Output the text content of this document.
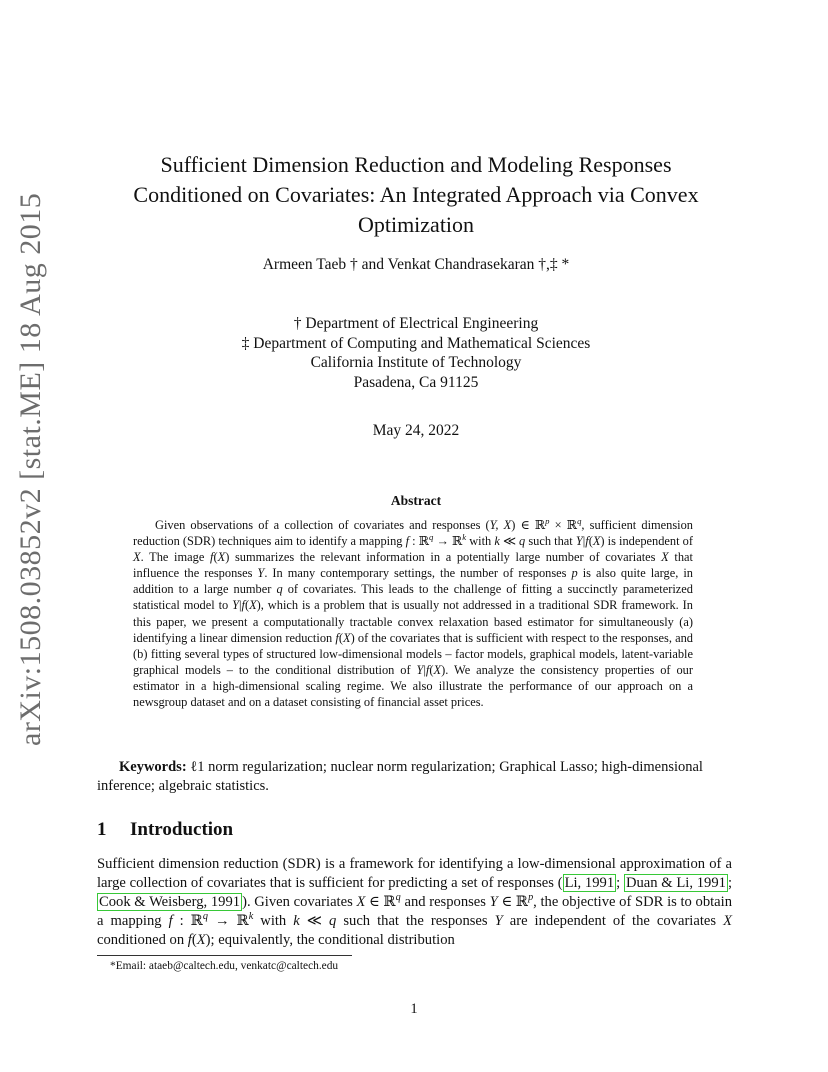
arXiv:1508.03852v2 [stat.ME] 18 Aug 2015
Sufficient Dimension Reduction and Modeling Responses
Conditioned on Covariates: An Integrated Approach via Convex
Optimization
Armeen Taeb † and Venkat Chandrasekaran †,‡ *
† Department of Electrical Engineering
‡ Department of Computing and Mathematical Sciences
California Institute of Technology
Pasadena, Ca 91125
May 24, 2022
Abstract
Given observations of a collection of covariates and responses (Y, X) ∈ ℝ$^p$ × ℝ$^q$, sufficient dimension reduction (SDR) techniques aim to identify a mapping f : ℝ$^q$ → ℝ$^k$ with k ≪ q such that Y|f(X) is independent of X. The image f(X) summarizes the relevant information in a potentially large number of covariates X that influence the responses Y. In many contemporary settings, the number of responses p is also quite large, in addition to a large number q of covariates. This leads to the challenge of fitting a succinctly parameterized statistical model to Y|f(X), which is a problem that is usually not addressed in a traditional SDR framework. In this paper, we present a computationally tractable convex relaxation based estimator for simultaneously (a) identifying a linear dimension reduction f(X) of the covariates that is sufficient with respect to the responses, and (b) fitting several types of structured low-dimensional models – factor models, graphical models, latent-variable graphical models – to the conditional distribution of Y|f(X). We analyze the consistency properties of our estimator in a high-dimensional scaling regime. We also illustrate the performance of our approach on a newsgroup dataset and on a dataset consisting of financial asset prices.
Keywords: ℓ1 norm regularization; nuclear norm regularization; Graphical Lasso; high-dimensional inference; algebraic statistics.
1 Introduction
Sufficient dimension reduction (SDR) is a framework for identifying a low-dimensional approximation of a large collection of covariates that is sufficient for predicting a set of responses ( Li, 1991 ; Duan & Li, 1991 ; Cook & Weisberg, 1991 ). Given covariates X ∈ ℝ$^q$ and responses Y ∈ ℝ$^p$, the objective of SDR is to obtain a mapping f : ℝ$^q$ → ℝ$^k$ with k ≪ q such that the responses Y are independent of the covariates X conditioned on f(X); equivalently, the conditional distribution
*Email: ataeb@caltech.edu, venkatc@caltech.edu
1
